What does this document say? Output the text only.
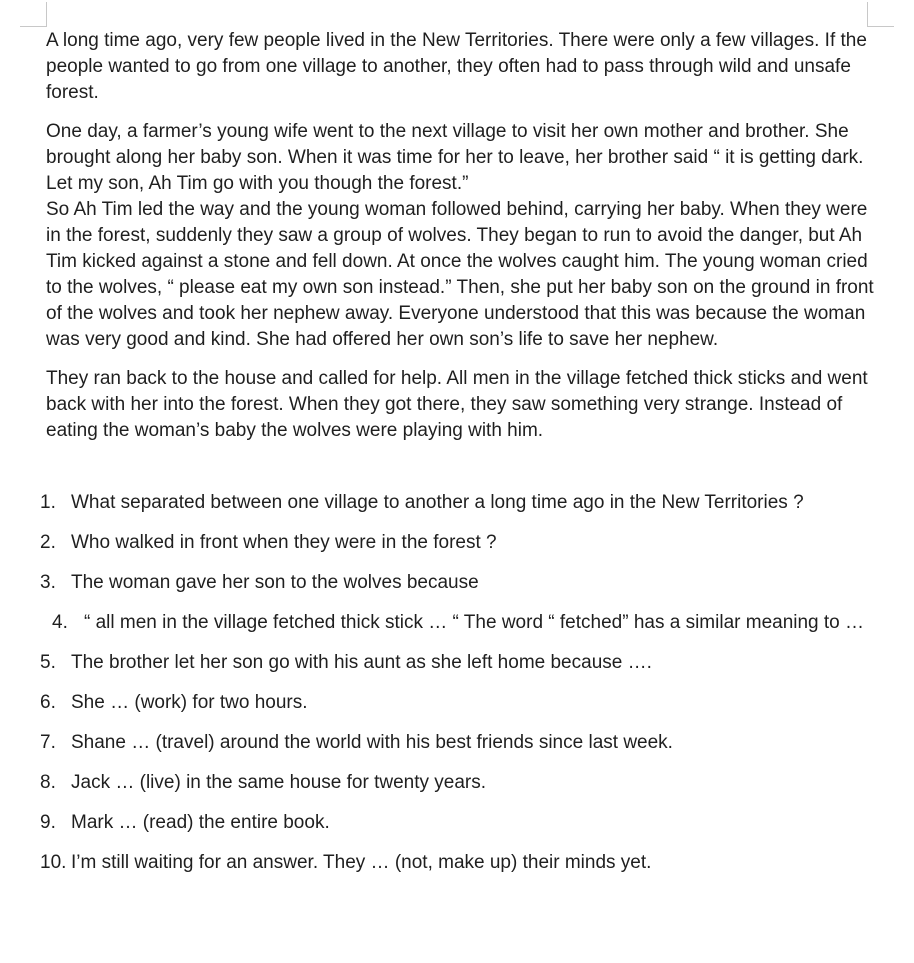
A long time ago, very few people lived in the New Territories. There were only a few villages. If the people wanted to go from one village to another, they often had to pass through wild and unsafe forest.

One day, a farmer’s young wife went to the next village to visit her own mother and brother. She brought along her baby son. When it was time for her to leave, her brother said “ it is getting dark. Let my son, Ah Tim go with you though the forest.”

So Ah Tim led the way and the young woman followed behind, carrying her baby. When they were in the forest, suddenly they saw a group of wolves. They began to run to avoid the danger, but Ah Tim kicked against a stone and fell down. At once the wolves caught him. The young woman cried to the wolves, “ please eat my own son instead.” Then, she put her baby son on the ground in front of the wolves and took her nephew away. Everyone understood that this was because the woman was very good and kind. She had offered her own son’s life to save her nephew.

They ran back to the house and called for help. All men in the village fetched thick sticks and went back with her into the forest. When they got there, they saw something very strange. Instead of eating the woman’s baby the wolves were playing with him.

1. What separated between one village to another a long time ago in the New Territories ?
2. Who walked in front when they were in the forest ?
3. The woman gave her son to the wolves because
4. “ all men in the village fetched thick stick … “ The word “ fetched” has a similar meaning to …
5. The brother let her son go with his aunt as she left home because ….
6. She … (work) for two hours.
7. Shane … (travel) around the world with his best friends since last week.
8. Jack … (live) in the same house for twenty years.
9. Mark … (read) the entire book.
10. I’m still waiting for an answer. They … (not, make up) their minds yet.
